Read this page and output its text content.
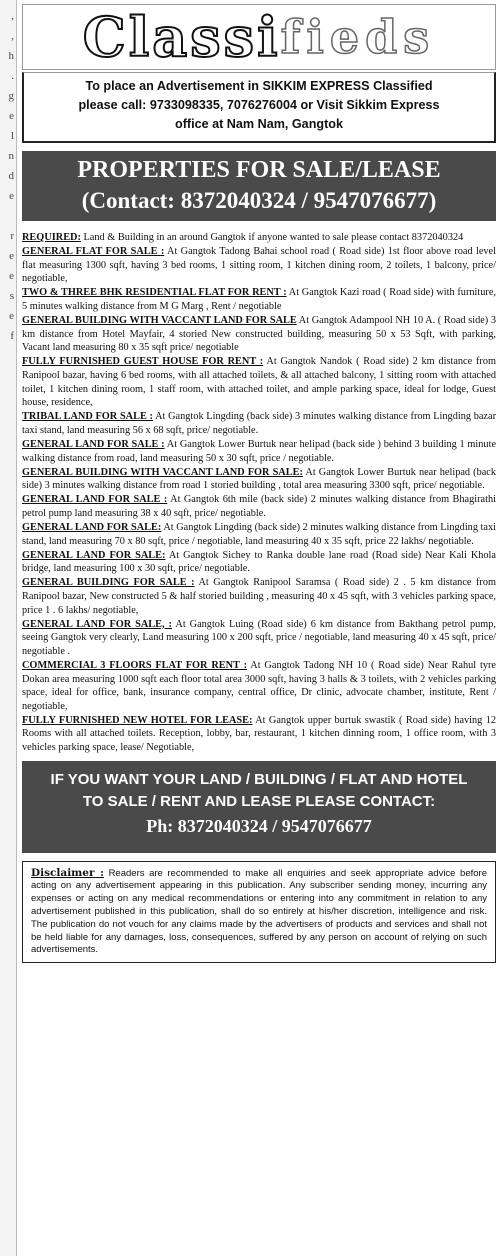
,
,
h
.
g
e
l
n
d
e
r
e
e
s
e
f
Classi fieds
To place an Advertisement in SIKKIM EXPRESS Classified
please call: 9733098335, 7076276004 or Visit Sikkim Express
office at Nam Nam, Gangtok
PROPERTIES FOR SALE/LEASE
(Contact: 8372040324 / 9547076677)

REQUIRED: Land & Building in an around Gangtok if anyone wanted to sale please contact 8372040324

GENERAL FLAT FOR SALE : At Gangtok Tadong Bahai school road ( Road side) 1st floor above road level flat measuring 1300 sqft, having 3 bed rooms, 1 sitting room, 1 kitchen dining room, 2 toilets, 1 balcony, price/ negotiable,

TWO & THREE BHK RESIDENTIAL FLAT FOR RENT : At Gangtok Kazi road ( Road side) with furniture, 5 minutes walking distance from M G Marg , Rent / negotiable

GENERAL BUILDING WITH VACCANT LAND FOR SALE At Gangtok Adampool NH 10 A. ( Road side) 3 km distance from Hotel Mayfair, 4 storied New constructed building, measuring 50 x 53 Sqft, with parking, Vacant land measuring 80 x 35 sqft price/ negotiable

FULLY FURNISHED GUEST HOUSE FOR RENT : At Gangtok Nandok ( Road side) 2 km distance from Ranipool bazar, having 6 bed rooms, with all attached toilets, & all attached balcony, 1 sitting room with attached toilet, 1 kitchen dining room, 1 staff room, with attached toilet, and ample parking space, ideal for lodge, Guest house, residence,

TRIBAL LAND FOR SALE : At Gangtok Lingding (back side) 3 minutes walking distance from Lingding bazar taxi stand, land measuring 56 x 68 sqft, price/ negotiable.

GENERAL LAND FOR SALE : At Gangtok Lower Burtuk near helipad (back side ) behind 3 building 1 minute walking distance from road, land measuring 50 x 30 sqft, price / negotiable.

GENERAL BUILDING WITH VACCANT LAND FOR SALE: At Gangtok Lower Burtuk near helipad (back side) 3 minutes walking distance from road 1 storied building , total area measuring 3300 sqft, price/ negotiable.

GENERAL LAND FOR SALE : At Gangtok 6th mile (back side) 2 minutes walking distance from Bhagirathi petrol pump land measuring 38 x 40 sqft, price/ negotiable.

GENERAL LAND FOR SALE: At Gangtok Lingding (back side) 2 minutes walking distance from Lingding taxi stand, land measuring 70 x 80 sqft, price / negotiable, land measuring 40 x 35 sqft, price 22 lakhs/ negotiable.

GENERAL LAND FOR SALE: At Gangtok Sichey to Ranka double lane road (Road side) Near Kali Khola bridge, land measuring 100 x 30 sqft, price/ negotiable.

GENERAL BUILDING FOR SALE : At Gangtok Ranipool Saramsa ( Road side) 2 . 5 km distance from Ranipool bazar, New constructed 5 & half storied building , measuring 40 x 45 sqft, with 3 vehicles parking space, price 1 . 6 lakhs/ negotiable,

GENERAL LAND FOR SALE, : At Gangtok Luing (Road side) 6 km distance from Bakthang petrol pump, seeing Gangtok very clearly, Land measuring 100 x 200 sqft, price / negotiable, land measuring 40 x 45 sqft, price/ negotiable .

COMMERCIAL 3 FLOORS FLAT FOR RENT : At Gangtok Tadong NH 10 ( Road side) Near Rahul tyre Dokan area measuring 1000 sqft each floor total area 3000 sqft, having 3 halls & 3 toilets, with 2 vehicles parking space, ideal for office, bank, insurance company, central office, Dr clinic, advocate chamber, institute, Rent / negotiable,

FULLY FURNISHED NEW HOTEL FOR LEASE: At Gangtok upper burtuk swastik ( Road side) having 12 Rooms with all attached toilets. Reception, lobby, bar, restaurant, 1 kitchen dinning room, 1 office room, with 3 vehicles parking space, lease/ Negotiable,

IF YOU WANT YOUR LAND / BUILDING / FLAT AND HOTEL
TO SALE / RENT AND LEASE PLEASE CONTACT:
Ph: 8372040324 / 9547076677
Disclaimer : Readers are recommended to make all enquiries and seek appropriate advice before acting on any advertisement appearing in this publication. Any subscriber sending money, incurring any expenses or acting on any medical recommendations or entering into any commitment in relation to any advertisement published in this publication, shall do so entirely at his/her discretion, intelligence and risk. The publication do not vouch for any claims made by the advertisers of products and services and shall not be held liable for any damages, loss, consequences, suffered by any person on account of relying on such advertisements.
